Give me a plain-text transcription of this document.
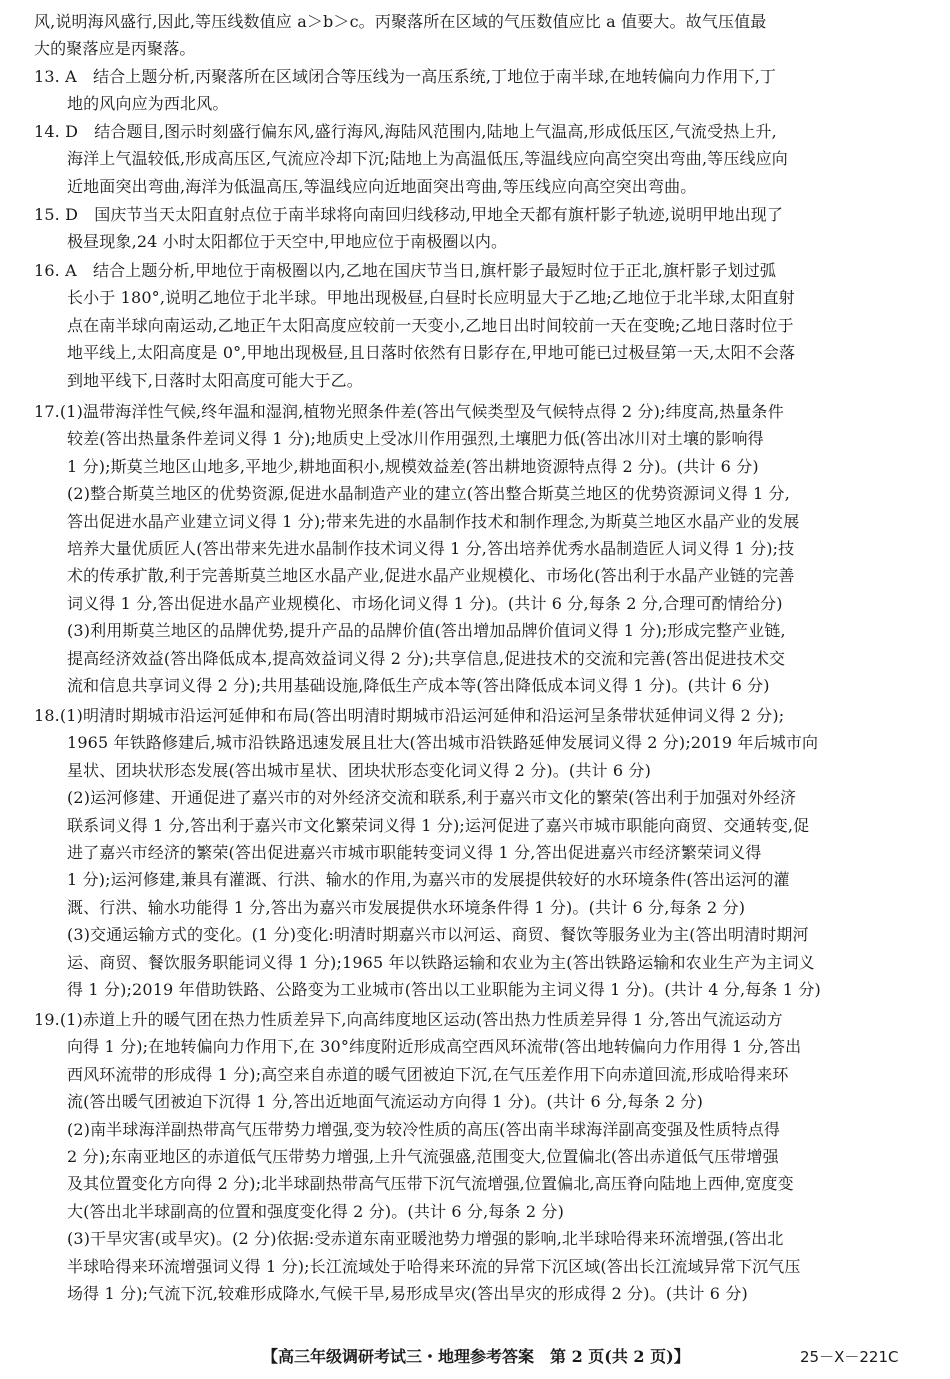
风,说明海风盛行,因此,等压线数值应 a＞b＞c。丙聚落所在区域的气压数值应比 a 值要大。故气压值最
大的聚落应是丙聚落。
13. A　结合上题分析,丙聚落所在区域闭合等压线为一高压系统,丁地位于南半球,在地转偏向力作用下,丁
地的风向应为西北风。
14. D　结合题目,图示时刻盛行偏东风,盛行海风,海陆风范围内,陆地上气温高,形成低压区,气流受热上升,
海洋上气温较低,形成高压区,气流应冷却下沉;陆地上为高温低压,等温线应向高空突出弯曲,等压线应向
近地面突出弯曲,海洋为低温高压,等温线应向近地面突出弯曲,等压线应向高空突出弯曲。
15. D　国庆节当天太阳直射点位于南半球将向南回归线移动,甲地全天都有旗杆影子轨迹,说明甲地出现了
极昼现象,24 小时太阳都位于天空中,甲地应位于南极圈以内。
16. A　结合上题分析,甲地位于南极圈以内,乙地在国庆节当日,旗杆影子最短时位于正北,旗杆影子划过弧
长小于 180°,说明乙地位于北半球。甲地出现极昼,白昼时长应明显大于乙地;乙地位于北半球,太阳直射
点在南半球向南运动,乙地正午太阳高度应较前一天变小,乙地日出时间较前一天在变晚;乙地日落时位于
地平线上,太阳高度是 0°,甲地出现极昼,且日落时依然有日影存在,甲地可能已过极昼第一天,太阳不会落
到地平线下,日落时太阳高度可能大于乙。
17.(1)温带海洋性气候,终年温和湿润,植物光照条件差(答出气候类型及气候特点得 2 分);纬度高,热量条件
较差(答出热量条件差词义得 1 分);地质史上受冰川作用强烈,土壤肥力低(答出冰川对土壤的影响得
1 分);斯莫兰地区山地多,平地少,耕地面积小,规模效益差(答出耕地资源特点得 2 分)。(共计 6 分)
(2)整合斯莫兰地区的优势资源,促进水晶制造产业的建立(答出整合斯莫兰地区的优势资源词义得 1 分,
答出促进水晶产业建立词义得 1 分);带来先进的水晶制作技术和制作理念,为斯莫兰地区水晶产业的发展
培养大量优质匠人(答出带来先进水晶制作技术词义得 1 分,答出培养优秀水晶制造匠人词义得 1 分);技
术的传承扩散,利于完善斯莫兰地区水晶产业,促进水晶产业规模化、市场化(答出利于水晶产业链的完善
词义得 1 分,答出促进水晶产业规模化、市场化词义得 1 分)。(共计 6 分,每条 2 分,合理可酌情给分)
(3)利用斯莫兰地区的品牌优势,提升产品的品牌价值(答出增加品牌价值词义得 1 分);形成完整产业链,
提高经济效益(答出降低成本,提高效益词义得 2 分);共享信息,促进技术的交流和完善(答出促进技术交
流和信息共享词义得 2 分);共用基础设施,降低生产成本等(答出降低成本词义得 1 分)。(共计 6 分)
18.(1)明清时期城市沿运河延伸和布局(答出明清时期城市沿运河延伸和沿运河呈条带状延伸词义得 2 分);
1965 年铁路修建后,城市沿铁路迅速发展且壮大(答出城市沿铁路延伸发展词义得 2 分);2019 年后城市向
星状、团块状形态发展(答出城市星状、团块状形态变化词义得 2 分)。(共计 6 分)
(2)运河修建、开通促进了嘉兴市的对外经济交流和联系,利于嘉兴市文化的繁荣(答出利于加强对外经济
联系词义得 1 分,答出利于嘉兴市文化繁荣词义得 1 分);运河促进了嘉兴市城市职能向商贸、交通转变,促
进了嘉兴市经济的繁荣(答出促进嘉兴市城市职能转变词义得 1 分,答出促进嘉兴市经济繁荣词义得
1 分);运河修建,兼具有灌溉、行洪、输水的作用,为嘉兴市的发展提供较好的水环境条件(答出运河的灌
溉、行洪、输水功能得 1 分,答出为嘉兴市发展提供水环境条件得 1 分)。(共计 6 分,每条 2 分)
(3)交通运输方式的变化。(1 分)变化:明清时期嘉兴市以河运、商贸、餐饮等服务业为主(答出明清时期河
运、商贸、餐饮服务职能词义得 1 分);1965 年以铁路运输和农业为主(答出铁路运输和农业生产为主词义
得 1 分);2019 年借助铁路、公路变为工业城市(答出以工业职能为主词义得 1 分)。(共计 4 分,每条 1 分)
19.(1)赤道上升的暖气团在热力性质差异下,向高纬度地区运动(答出热力性质差异得 1 分,答出气流运动方
向得 1 分);在地转偏向力作用下,在 30°纬度附近形成高空西风环流带(答出地转偏向力作用得 1 分,答出
西风环流带的形成得 1 分);高空来自赤道的暖气团被迫下沉,在气压差作用下向赤道回流,形成哈得来环
流(答出暖气团被迫下沉得 1 分,答出近地面气流运动方向得 1 分)。(共计 6 分,每条 2 分)
(2)南半球海洋副热带高气压带势力增强,变为较冷性质的高压(答出南半球海洋副高变强及性质特点得
2 分);东南亚地区的赤道低气压带势力增强,上升气流强盛,范围变大,位置偏北(答出赤道低气压带增强
及其位置变化方向得 2 分);北半球副热带高气压带下沉气流增强,位置偏北,高压脊向陆地上西伸,宽度变
大(答出北半球副高的位置和强度变化得 2 分)。(共计 6 分,每条 2 分)
(3)干旱灾害(或旱灾)。(2 分)依据:受赤道东南亚暖池势力增强的影响,北半球哈得来环流增强,(答出北
半球哈得来环流增强词义得 1 分);长江流域处于哈得来环流的异常下沉区域(答出长江流域异常下沉气压
场得 1 分);气流下沉,较难形成降水,气候干旱,易形成旱灾(答出旱灾的形成得 2 分)。(共计 6 分)
【高三年级调研考试三・地理参考答案　第 2 页(共 2 页)】	25－X－221C
